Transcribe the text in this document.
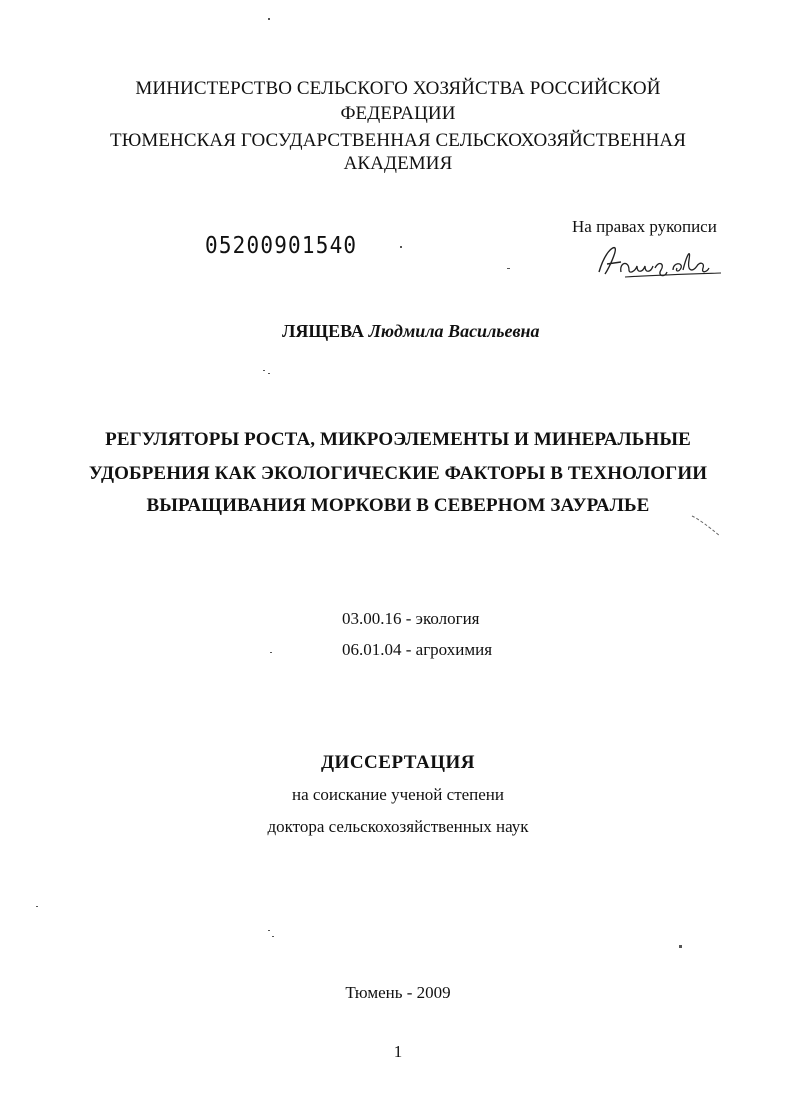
МИНИСТЕРСТВО СЕЛЬСКОГО ХОЗЯЙСТВА РОССИЙСКОЙ
ФЕДЕРАЦИИ
ТЮМЕНСКАЯ ГОСУДАРСТВЕННАЯ СЕЛЬСКОХОЗЯЙСТВЕННАЯ
АКАДЕМИЯ
05200901540
На правах рукописи
ЛЯЩЕВА Людмила Васильевна
РЕГУЛЯТОРЫ РОСТА, МИКРОЭЛЕМЕНТЫ И МИНЕРАЛЬНЫЕ
УДОБРЕНИЯ КАК ЭКОЛОГИЧЕСКИЕ ФАКТОРЫ В ТЕХНОЛОГИИ
ВЫРАЩИВАНИЯ МОРКОВИ В СЕВЕРНОМ ЗАУРАЛЬЕ
03.00.16 - экология
06.01.04 - агрохимия
ДИССЕРТАЦИЯ
на соискание ученой степени
доктора сельскохозяйственных наук
Тюмень - 2009
1
